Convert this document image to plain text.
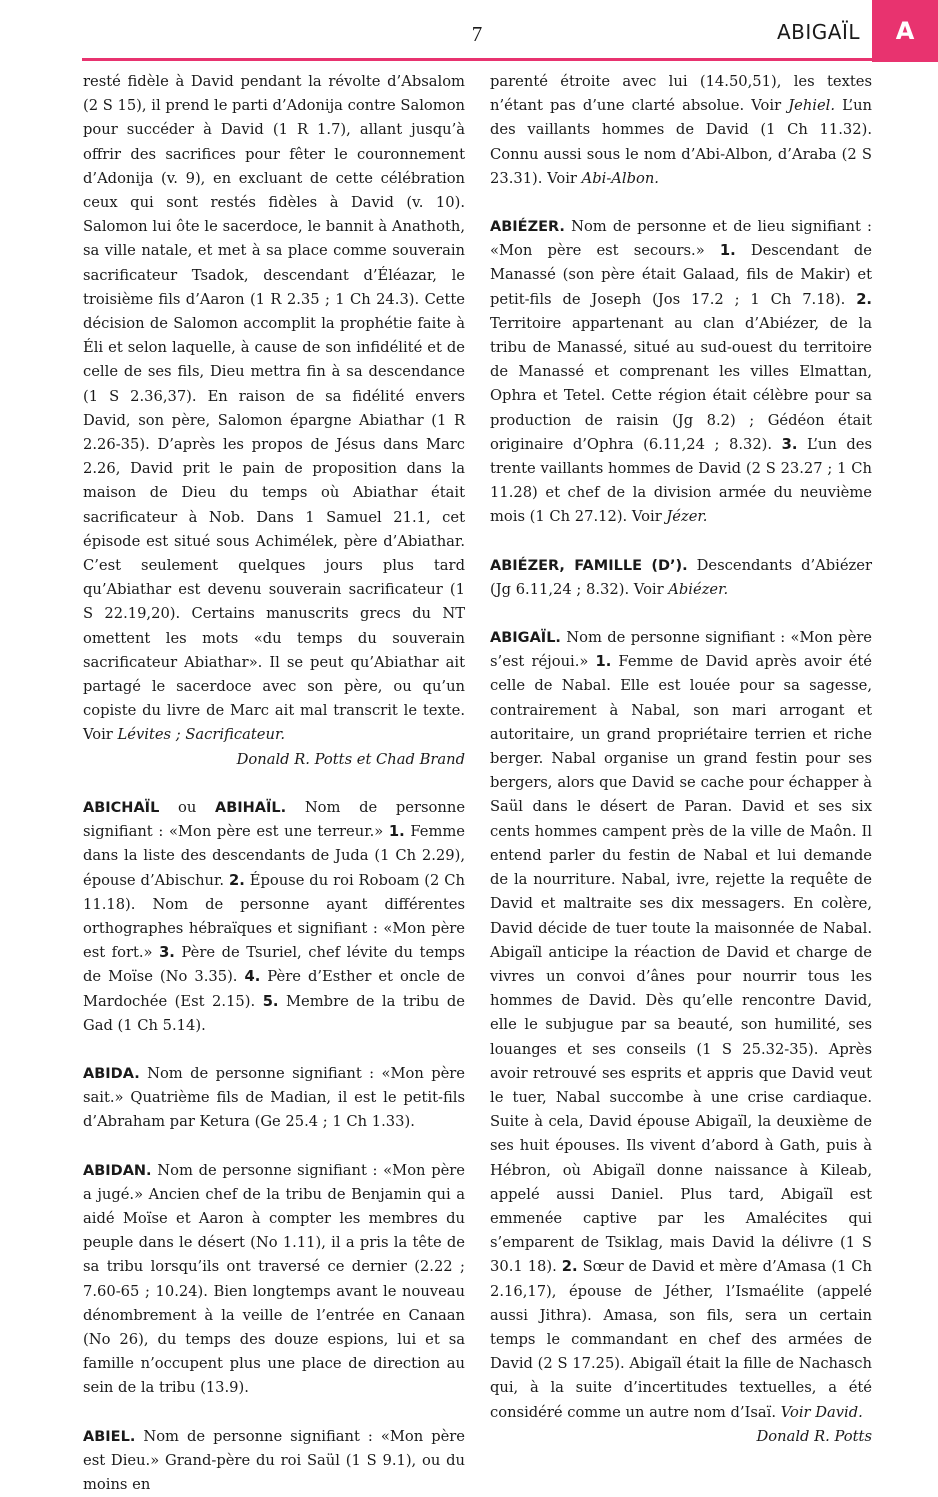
7	ABIGAÏL	A

resté fidèle à David pendant la révolte d’Absalom (2 S 15), il prend le parti d’Adonija contre Salomon pour succéder à David (1 R 1.7), allant jusqu’à offrir des sacrifices pour fêter le couronnement d’Adonija (v. 9), en excluant de cette célébration ceux qui sont restés fidèles à David (v. 10). Salomon lui ôte le sacerdoce, le bannit à Anathoth, sa ville natale, et met à sa place comme souverain sacrificateur Tsadok, descendant d’Éléazar, le troisième fils d’Aaron (1 R 2.35 ; 1 Ch 24.3). Cette décision de Salomon accomplit la prophétie faite à Éli et selon laquelle, à cause de son infidélité et de celle de ses fils, Dieu mettra fin à sa descendance (1 S 2.36,37). En raison de sa fidélité envers David, son père, Salomon épargne Abiathar (1 R 2.26-35). D’après les propos de Jésus dans Marc 2.26, David prit le pain de proposition dans la maison de Dieu du temps où Abiathar était sacrificateur à Nob. Dans 1 Samuel 21.1, cet épisode est situé sous Achimélek, père d’Abiathar. C’est seulement quelques jours plus tard qu’Abiathar est devenu souverain sacrificateur (1 S 22.19,20). Certains manuscrits grecs du NT omettent les mots «du temps du souverain sacrificateur Abiathar». Il se peut qu’Abiathar ait partagé le sacerdoce avec son père, ou qu’un copiste du livre de Marc ait mal transcrit le texte. Voir Lévites ; Sacrificateur.

Donald R. Potts et Chad Brand

ABICHAÏL ou ABIHAÏL. Nom de personne signifiant : «Mon père est une terreur.» 1. Femme dans la liste des descendants de Juda (1 Ch 2.29), épouse d’Abischur. 2. Épouse du roi Roboam (2 Ch 11.18). Nom de personne ayant différentes orthographes hébraïques et signifiant : «Mon père est fort.» 3. Père de Tsuriel, chef lévite du temps de Moïse (No 3.35). 4. Père d’Esther et oncle de Mardochée (Est 2.15). 5. Membre de la tribu de Gad (1 Ch 5.14).

ABIDA. Nom de personne signifiant : «Mon père sait.» Quatrième fils de Madian, il est le petit-fils d’Abraham par Ketura (Ge 25.4 ; 1 Ch 1.33).

ABIDAN. Nom de personne signifiant : «Mon père a jugé.» Ancien chef de la tribu de Benjamin qui a aidé Moïse et Aaron à compter les membres du peuple dans le désert (No 1.11), il a pris la tête de sa tribu lorsqu’ils ont traversé ce dernier (2.22 ; 7.60-65 ; 10.24). Bien longtemps avant le nouveau dénombrement à la veille de l’entrée en Canaan (No 26), du temps des douze espions, lui et sa famille n’occupent plus une place de direction au sein de la tribu (13.9).

ABIEL. Nom de personne signifiant : «Mon père est Dieu.» Grand-père du roi Saül (1 S 9.1), ou du moins en

parenté étroite avec lui (14.50,51), les textes n’étant pas d’une clarté absolue. Voir Jehiel. L’un des vaillants hommes de David (1 Ch 11.32). Connu aussi sous le nom d’Abi-Albon, d’Araba (2 S 23.31). Voir Abi-Albon.

ABIÉZER. Nom de personne et de lieu signifiant : «Mon père est secours.» 1. Descendant de Manassé (son père était Galaad, fils de Makir) et petit-fils de Joseph (Jos 17.2 ; 1 Ch 7.18). 2. Territoire appartenant au clan d’Abiézer, de la tribu de Manassé, situé au sud-ouest du territoire de Manassé et comprenant les villes Elmattan, Ophra et Tetel. Cette région était célèbre pour sa production de raisin (Jg 8.2) ; Gédéon était originaire d’Ophra (6.11,24 ; 8.32). 3. L’un des trente vaillants hommes de David (2 S 23.27 ; 1 Ch 11.28) et chef de la division armée du neuvième mois (1 Ch 27.12). Voir Jézer.

ABIÉZER, FAMILLE (D’). Descendants d’Abiézer (Jg 6.11,24 ; 8.32). Voir Abiézer.

ABIGAÏL. Nom de personne signifiant : «Mon père s’est réjoui.» 1. Femme de David après avoir été celle de Nabal. Elle est louée pour sa sagesse, contrairement à Nabal, son mari arrogant et autoritaire, un grand propriétaire terrien et riche berger. Nabal organise un grand festin pour ses bergers, alors que David se cache pour échapper à Saül dans le désert de Paran. David et ses six cents hommes campent près de la ville de Maôn. Il entend parler du festin de Nabal et lui demande de la nourriture. Nabal, ivre, rejette la requête de David et maltraite ses dix messagers. En colère, David décide de tuer toute la maisonnée de Nabal. Abigaïl anticipe la réaction de David et charge de vivres un convoi d’ânes pour nourrir tous les hommes de David. Dès qu’elle rencontre David, elle le subjugue par sa beauté, son humilité, ses louanges et ses conseils (1 S 25.32-35). Après avoir retrouvé ses esprits et appris que David veut le tuer, Nabal succombe à une crise cardiaque. Suite à cela, David épouse Abigaïl, la deuxième de ses huit épouses. Ils vivent d’abord à Gath, puis à Hébron, où Abigaïl donne naissance à Kileab, appelé aussi Daniel. Plus tard, Abigaïl est emmenée captive par les Amalécites qui s’emparent de Tsiklag, mais David la délivre (1 S 30.1 18). 2. Sœur de David et mère d’Amasa (1 Ch 2.16,17), épouse de Jéther, l’Ismaélite (appelé aussi Jithra). Amasa, son fils, sera un certain temps le commandant en chef des armées de David (2 S 17.25). Abigaïl était la fille de Nachasch qui, à la suite d’incertitudes textuelles, a été considéré comme un autre nom d’Isaï. Voir David.
Donald R. Potts
